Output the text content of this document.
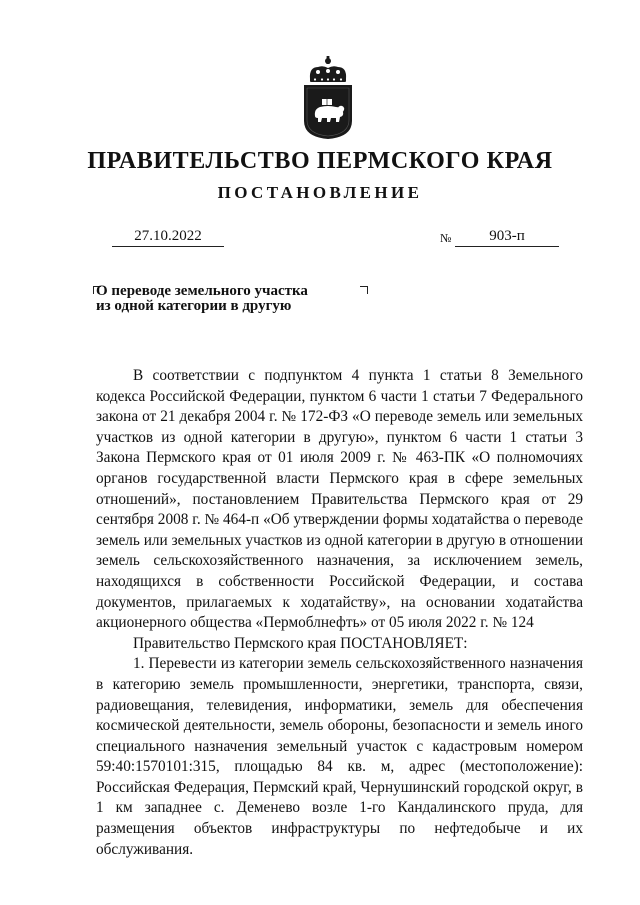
ПРАВИТЕЛЬСТВО ПЕРМСКОГО КРАЯ
ПОСТАНОВЛЕНИЕ
27.10.2022	№	903-п
О переводе земельного участка
из одной категории в другую

В соответствии с подпунктом 4 пункта 1 статьи 8 Земельного кодекса Российской Федерации, пунктом 6 части 1 статьи 7 Федерального закона от 21 декабря 2004 г. № 172-ФЗ «О переводе земель или земельных участков из одной категории в другую», пунктом 6 части 1 статьи 3 Закона Пермского края от 01 июля 2009 г. № 463-ПК «О полномочиях органов государственной власти Пермского края в сфере земельных отношений», постановлением Правительства Пермского края от 29 сентября 2008 г. № 464-п «Об утверждении формы ходатайства о переводе земель или земельных участков из одной категории в другую в отношении земель сельскохозяйственного назначения, за исключением земель, находящихся в собственности Российской Федерации, и состава документов, прилагаемых к ходатайству», на основании ходатайства акционерного общества «Пермоблнефть» от 05 июля 2022 г. № 124

Правительство Пермского края ПОСТАНОВЛЯЕТ:

1. Перевести из категории земель сельскохозяйственного назначения в категорию земель промышленности, энергетики, транспорта, связи, радиовещания, телевидения, информатики, земель для обеспечения космической деятельности, земель обороны, безопасности и земель иного специального назначения земельный участок с кадастровым номером 59:40:1570101:315, площадью 84 кв. м, адрес (местоположение): Российская Федерация, Пермский край, Чернушинский городской округ, в 1 км западнее с. Деменево возле 1-го Кандалинского пруда, для размещения объектов инфраструктуры по нефтедобыче и их обслуживания.
